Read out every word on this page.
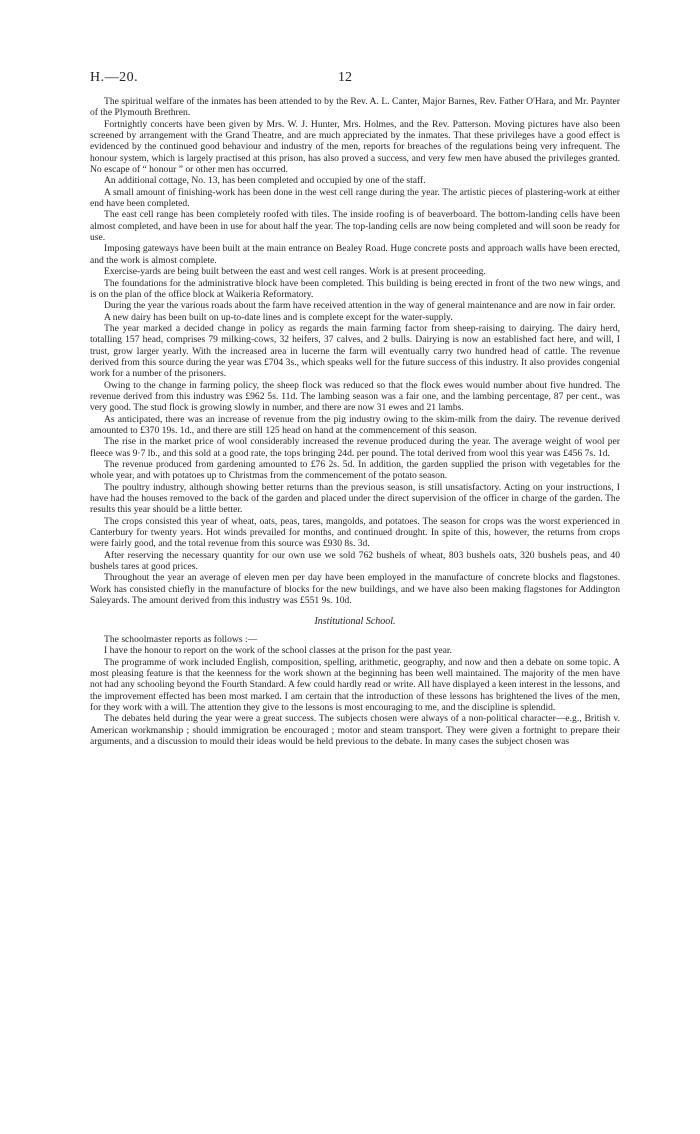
H.—20.	12

The spiritual welfare of the inmates has been attended to by the Rev. A. L. Canter, Major Barnes, Rev. Father O'Hara, and Mr. Paynter of the Plymouth Brethren.

Fortnightly concerts have been given by Mrs. W. J. Hunter, Mrs. Holmes, and the Rev. Patterson. Moving pictures have also been screened by arrangement with the Grand Theatre, and are much appreciated by the inmates. That these privileges have a good effect is evidenced by the continued good behaviour and industry of the men, reports for breaches of the regulations being very infrequent. The honour system, which is largely practised at this prison, has also proved a success, and very few men have abused the privileges granted. No escape of “ honour ” or other men has occurred.

An additional cottage, No. 13, has been completed and occupied by one of the staff.

A small amount of finishing-work has been done in the west cell range during the year. The artistic pieces of plastering-work at either end have been completed.

The east cell range has been completely roofed with tiles. The inside roofing is of beaverboard. The bottom-landing cells have been almost completed, and have been in use for about half the year. The top-landing cells are now being completed and will soon be ready for use.

Imposing gateways have been built at the main entrance on Bealey Road. Huge concrete posts and approach walls have been erected, and the work is almost complete.

Exercise-yards are being built between the east and west cell ranges. Work is at present proceeding.

The foundations for the administrative block have been completed. This building is being erected in front of the two new wings, and is on the plan of the office block at Waikeria Reformatory.

During the year the various roads about the farm have received attention in the way of general maintenance and are now in fair order.

A new dairy has been built on up-to-date lines and is complete except for the water-supply.

The year marked a decided change in policy as regards the main farming factor from sheep-raising to dairying. The dairy herd, totalling 157 head, comprises 79 milking-cows, 32 heifers, 37 calves, and 2 bulls. Dairying is now an established fact here, and will, I trust, grow larger yearly. With the increased area in lucerne the farm will eventually carry two hundred head of cattle. The revenue derived from this source during the year was £704 3s., which speaks well for the future success of this industry. It also provides congenial work for a number of the prisoners.

Owing to the change in farming policy, the sheep flock was reduced so that the flock ewes would number about five hundred. The revenue derived from this industry was £962 5s. 11d. The lambing season was a fair one, and the lambing percentage, 87 per cent., was very good. The stud flock is growing slowly in number, and there are now 31 ewes and 21 lambs.

As anticipated, there was an increase of revenue from the pig industry owing to the skim-milk from the dairy. The revenue derived amounted to £370 19s. 1d., and there are still 125 head on hand at the commencement of this season.

The rise in the market price of wool considerably increased the revenue produced during the year. The average weight of wool per fleece was 9·7 lb., and this sold at a good rate, the tops bringing 24d. per pound. The total derived from wool this year was £456 7s. 1d.

The revenue produced from gardening amounted to £76 2s. 5d. In addition, the garden supplied the prison with vegetables for the whole year, and with potatoes up to Christmas from the commencement of the potato season.

The poultry industry, although showing better returns than the previous season, is still unsatisfactory. Acting on your instructions, I have had the houses removed to the back of the garden and placed under the direct supervision of the officer in charge of the garden. The results this year should be a little better.

The crops consisted this year of wheat, oats, peas, tares, mangolds, and potatoes. The season for crops was the worst experienced in Canterbury for twenty years. Hot winds prevailed for months, and continued drought. In spite of this, however, the returns from crops were fairly good, and the total revenue from this source was £930 8s. 3d.

After reserving the necessary quantity for our own use we sold 762 bushels of wheat, 803 bushels oats, 320 bushels peas, and 40 bushels tares at good prices.

Throughout the year an average of eleven men per day have been employed in the manufacture of concrete blocks and flagstones. Work has consisted chiefly in the manufacture of blocks for the new buildings, and we have also been making flagstones for Addington Saleyards. The amount derived from this industry was £551 9s. 10d.

Institutional School.

The schoolmaster reports as follows :—

I have the honour to report on the work of the school classes at the prison for the past year.

The programme of work included English, composition, spelling, arithmetic, geography, and now and then a debate on some topic. A most pleasing feature is that the keenness for the work shown at the beginning has been well maintained. The majority of the men have not had any schooling beyond the Fourth Standard. A few could hardly read or write. All have displayed a keen interest in the lessons, and the improvement effected has been most marked. I am certain that the introduction of these lessons has brightened the lives of the men, for they work with a will. The attention they give to the lessons is most encouraging to me, and the discipline is splendid.

The debates held during the year were a great success. The subjects chosen were always of a non-political character—e.g., British v. American workmanship ; should immigration be encouraged ; motor and steam transport. They were given a fortnight to prepare their arguments, and a discussion to mould their ideas would be held previous to the debate. In many cases the subject chosen was
